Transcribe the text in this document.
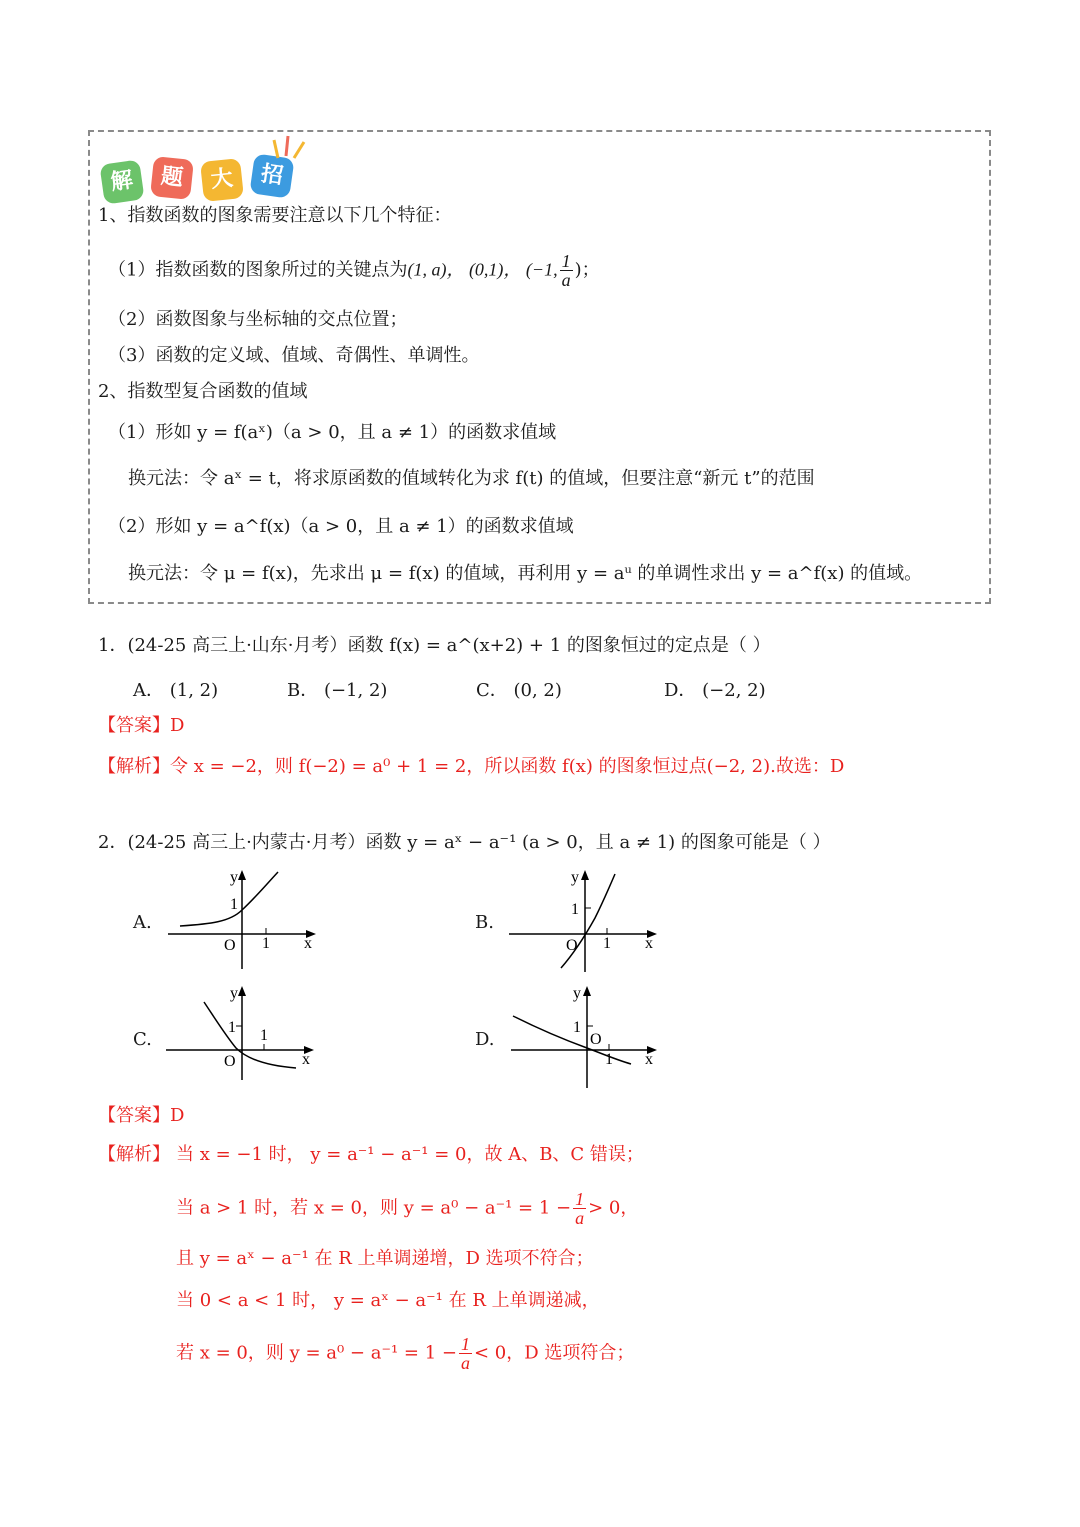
解	题	大	招
1、指数函数的图象需要注意以下几个特征：
（1）指数函数的图象所过的关键点为(1, a)， (0,1)， (−1, $\frac{1}{a}$ )；
（2）函数图象与坐标轴的交点位置；
（3）函数的定义域、值域、奇偶性、单调性。
2、指数型复合函数的值域
（1）形如 y = f(aˣ)（a > 0，且 a ≠ 1）的函数求值域
换元法：令 aˣ = t，将求原函数的值域转化为求 f(t) 的值域，但要注意“新元 t”的范围
（2）形如 y = a^f(x)（a > 0，且 a ≠ 1）的函数求值域
换元法：令 μ = f(x)，先求出 μ = f(x) 的值域，再利用 y = aᵘ 的单调性求出 y = a^f(x) 的值域。
1．(24-25 高三上·山东·月考）函数 f(x) = a^(x+2) + 1 的图象恒过的定点是（ ）
A． (1, 2)	B． (−1, 2)	C． (0, 2)	D． (−2, 2)
【答案】D
【解析】令 x = −2，则 f(−2) = a⁰ + 1 = 2，所以函数 f(x) 的图象恒过点(−2, 2).故选：D
2．(24-25 高三上·内蒙古·月考）函数 y = aˣ − a⁻¹ (a > 0，且 a ≠ 1) 的图象可能是（ ）
A.
y
1
O 1 x
B.
y
1
O 1 x
C.
y
1 1
O	x
D.
y
1
O
1 x
【答案】D
【解析】 当 x = −1 时， y = a⁻¹ − a⁻¹ = 0，故 A、B、C 错误；
当 a > 1 时，若 x = 0，则 $y = a^0 - a^{-1} = 1 - \frac{1}{a} > 0$，
且 y = aˣ − a⁻¹ 在 R 上单调递增，D 选项不符合；
当 0 < a < 1 时， y = aˣ − a⁻¹ 在 R 上单调递减，
若 x = 0，则 $y = a^0 - a^{-1} = 1 - \frac{1}{a} < 0$，D 选项符合；
